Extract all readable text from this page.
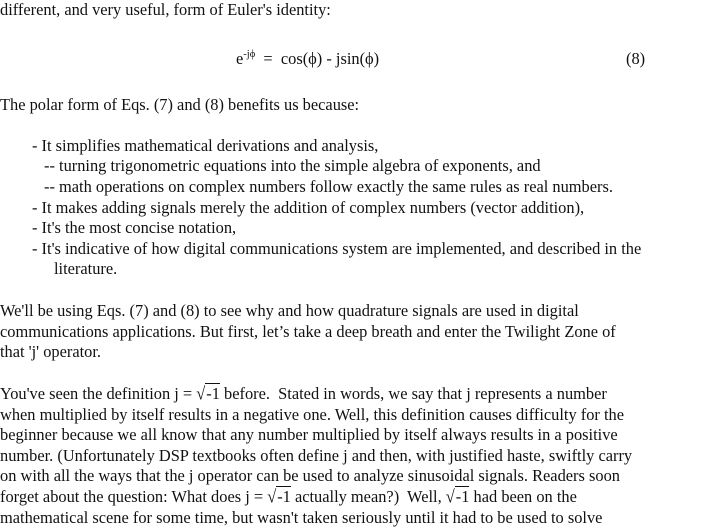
different, and very useful, form of Euler's identity:
$e^{-j\phi} = \cos(\phi) - jsin(\phi)$	(8)
The polar form of Eqs. (7) and (8) benefits us because:
- It simplifies mathematical derivations and analysis,
-- turning trigonometric equations into the simple algebra of exponents, and
-- math operations on complex numbers follow exactly the same rules as real numbers.
- It makes adding signals merely the addition of complex numbers (vector addition),
- It's the most concise notation,
- It's indicative of how digital communications system are implemented, and described in the
literature.
We'll be using Eqs. (7) and (8) to see why and how quadrature signals are used in digital
communications applications. But first, let’s take a deep breath and enter the Twilight Zone of
that 'j' operator.
You've seen the definition j = √-1 before.  Stated in words, we say that j represents a number
when multiplied by itself results in a negative one. Well, this definition causes difficulty for the
beginner because we all know that any number multiplied by itself always results in a positive
number. (Unfortunately DSP textbooks often define j and then, with justified haste, swiftly carry
on with all the ways that the j operator can be used to analyze sinusoidal signals. Readers soon
forget about the question: What does j = √-1 actually mean?)  Well, √-1 had been on the
mathematical scene for some time, but wasn't taken seriously until it had to be used to solve
